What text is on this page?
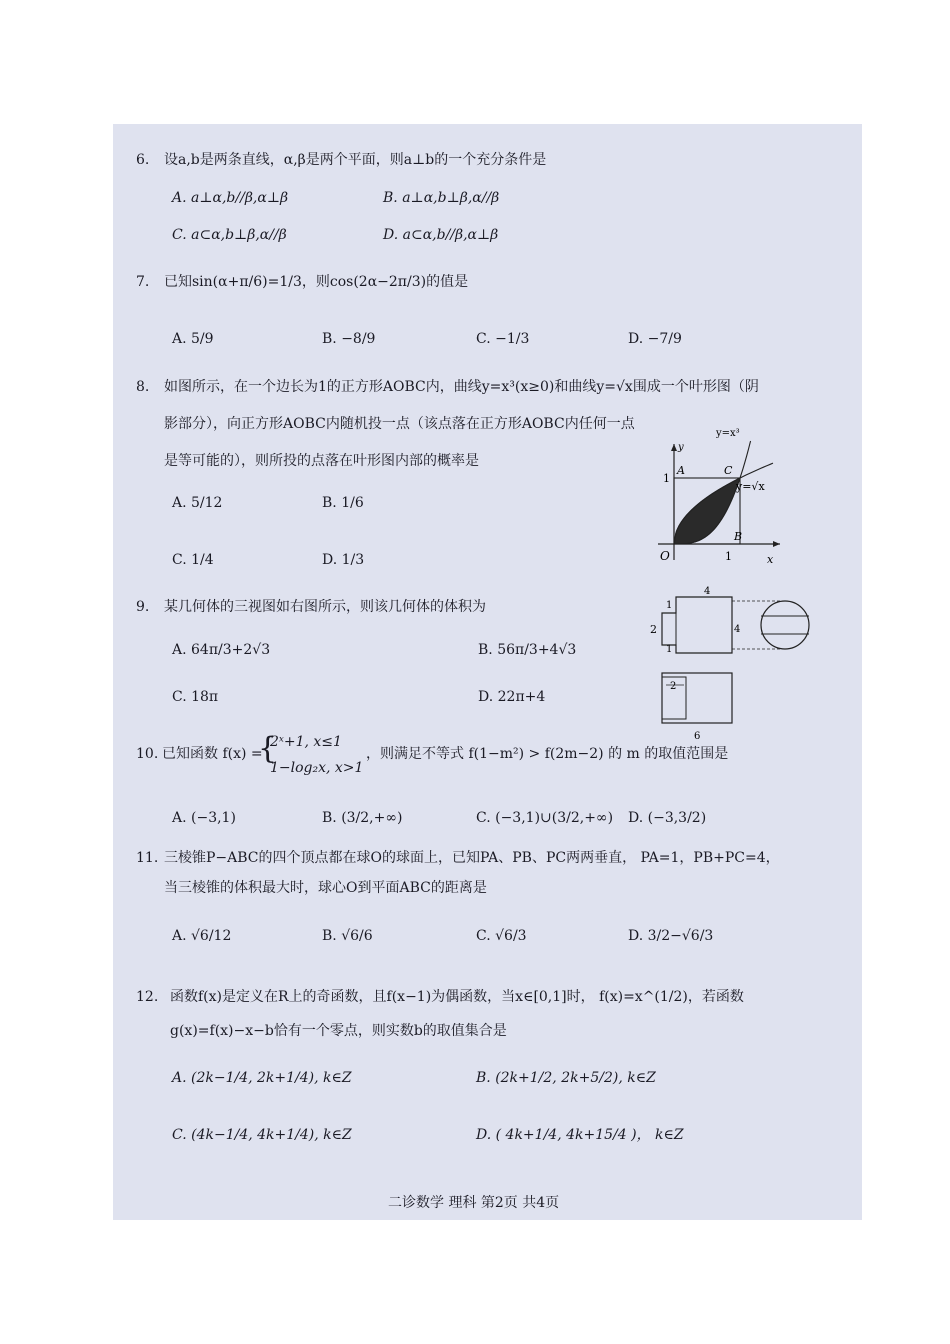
6. 设a,b是两条直线，α,β是两个平面，则a⊥b的一个充分条件是
A. a⊥α,b//β,α⊥β	B. a⊥α,b⊥β,α//β
C. a⊂α,b⊥β,α//β	D. a⊂α,b//β,α⊥β
7. 已知sin(α+π/6)=1/3，则cos(2α−2π/3)的值是
A. 5/9	B. −8/9	C. −1/3	D. −7/9
8. 如图所示，在一个边长为1的正方形AOBC内，曲线y=x³(x≥0)和曲线y=√x围成一个叶形图（阴
影部分），向正方形AOBC内随机投一点（该点落在正方形AOBC内任何一点
是等可能的），则所投的点落在叶形图内部的概率是
A. 5/12	B. 1/6
C. 1/4	D. 1/3
y=x³
y=√x
y
x
A	C
B
O
1
1
9. 某几何体的三视图如右图所示，则该几何体的体积为
A. 64π/3+2√3	B. 56π/3+4√3
C. 18π	D. 22π+4
4
1
2	4
1
2
6
10. 已知函数 f(x) =
{
2ˣ+1, x≤1
1−log₂x, x>1
，则满足不等式 f(1−m²) > f(2m−2) 的 m 的取值范围是
A. (−3,1)	B. (3/2,+∞)	C. (−3,1)∪(3/2,+∞) D. (−3,3/2)
11. 三棱锥P−ABC的四个顶点都在球O的球面上，已知PA、PB、PC两两垂直， PA=1，PB+PC=4，
当三棱锥的体积最大时，球心O到平面ABC的距离是
A. √6/12	B. √6/6	C. √6/3	D. 3/2−√6/3
12. 函数f(x)是定义在R上的奇函数，且f(x−1)为偶函数，当x∈[0,1]时， f(x)=x^(1/2)，若函数
g(x)=f(x)−x−b恰有一个零点，则实数b的取值集合是
A. (2k−1/4, 2k+1/4), k∈Z	B. (2k+1/2, 2k+5/2), k∈Z
C. (4k−1/4, 4k+1/4), k∈Z	D. ( 4k+1/4, 4k+15/4 )， k∈Z
二诊数学 理科 第2页 共4页
